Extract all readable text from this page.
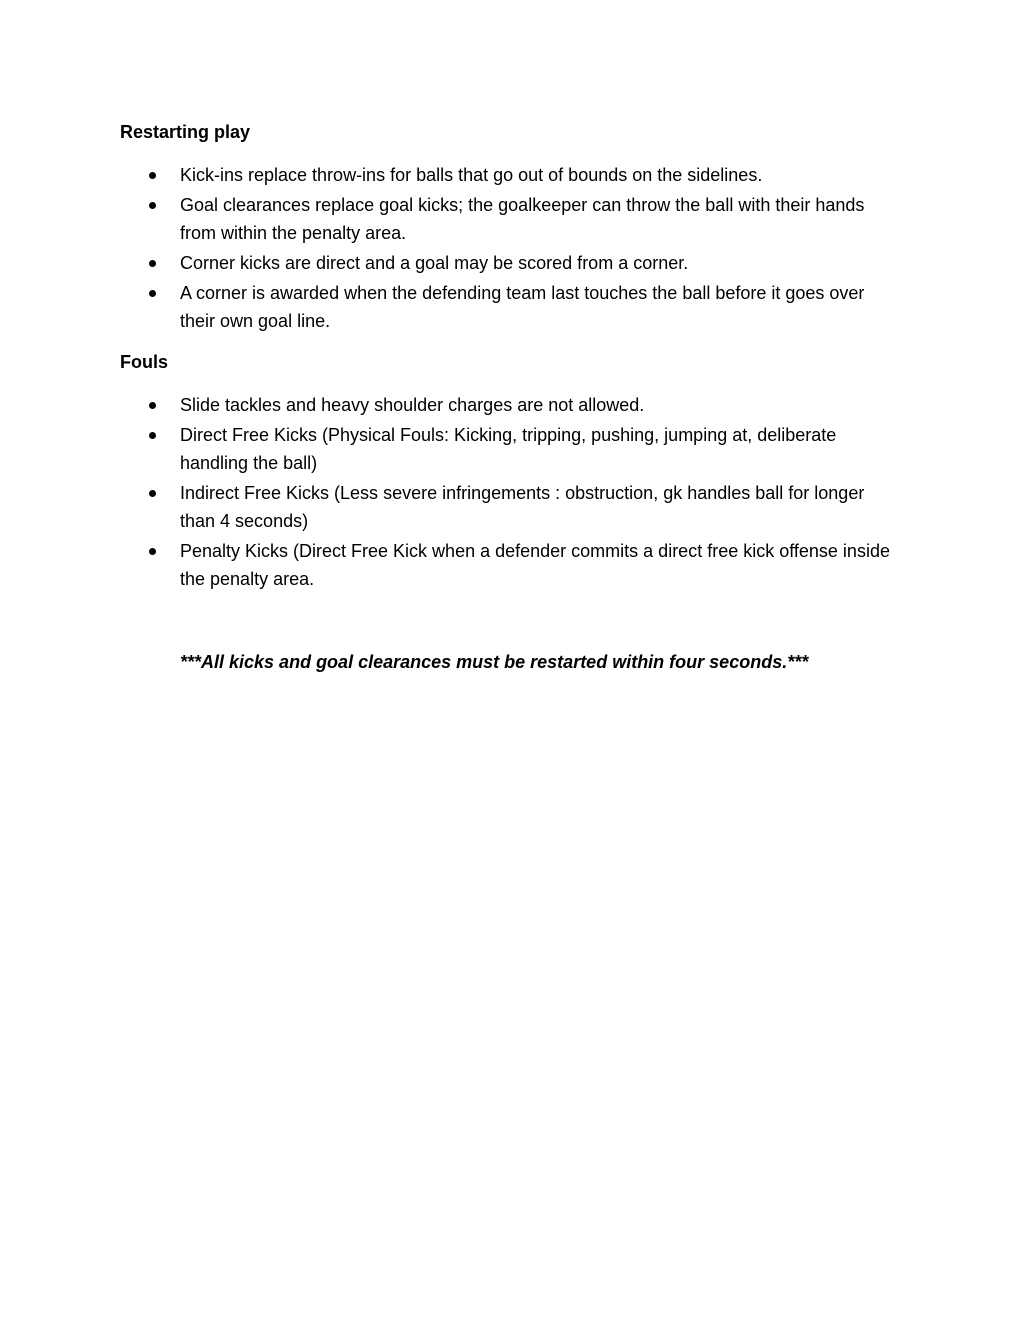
Restarting play
Kick-ins replace throw-ins for balls that go out of bounds on the sidelines.
Goal clearances replace goal kicks; the goalkeeper can throw the ball with their hands from within the penalty area.
Corner kicks are direct and a goal may be scored from a corner.
A corner is awarded when the defending team last touches the ball before it goes over their own goal line.
Fouls
Slide tackles and heavy shoulder charges are not allowed.
Direct Free Kicks (Physical Fouls: Kicking, tripping, pushing, jumping at, deliberate handling the ball)
Indirect Free Kicks (Less severe infringements : obstruction, gk handles ball for longer than 4 seconds)
Penalty Kicks (Direct Free Kick when a defender commits a direct free kick offense inside the penalty area.

***All kicks and goal clearances must be restarted within four seconds.***
